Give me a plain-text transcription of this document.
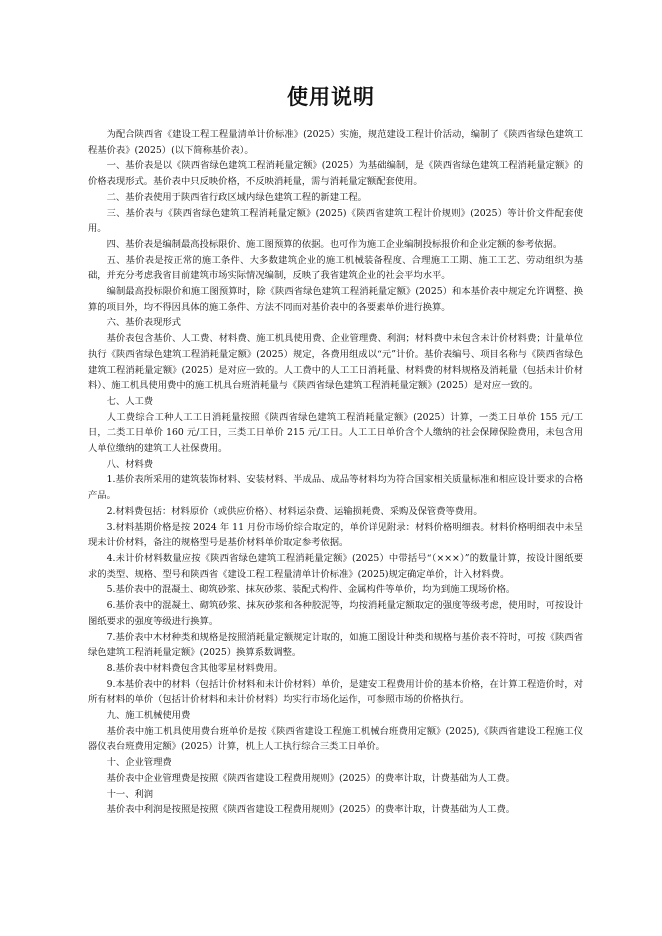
使用说明

为配合陕西省《建设工程工程量清单计价标准》(2025）实施，规范建设工程计价活动，编制了《陕西省绿色建筑工程基价表》(2025）(以下简称基价表）。

一、基价表是以《陕西省绿色建筑工程消耗量定额》(2025）为基础编制，是《陕西省绿色建筑工程消耗量定额》的价格表现形式。基价表中只反映价格，不反映消耗量，需与消耗量定额配套使用。

二、基价表使用于陕西省行政区域内绿色建筑工程的新建工程。

三、基价表与《陕西省绿色建筑工程消耗量定额》(2025)《陕西省建筑工程计价规则》(2025）等计价文件配套使用。

四、基价表是编制最高投标限价、施工图预算的依据。也可作为施工企业编制投标报价和企业定额的参考依据。

五、基价表是按正常的施工条件、大多数建筑企业的施工机械装备程度、合理施工工期、施工工艺、劳动组织为基础，并充分考虑我省目前建筑市场实际情况编制，反映了我省建筑企业的社会平均水平。

编制最高投标限价和施工图预算时，除《陕西省绿色建筑工程消耗量定额》(2025）和本基价表中规定允许调整、换算的项目外，均不得因具体的施工条件、方法不同而对基价表中的各要素单价进行换算。

六、基价表现形式

基价表包含基价、人工费、材料费、施工机具使用费、企业管理费、利润；材料费中未包含未计价材料费；计量单位执行《陕西省绿色建筑工程消耗量定额》(2025）规定，各费用组成以“元”计价。基价表编号、项目名称与《陕西省绿色建筑工程消耗量定额》(2025）是对应一致的。人工费中的人工工日消耗量、材料费的材料规格及消耗量（包括未计价材料）、施工机具使用费中的施工机具台班消耗量与《陕西省绿色建筑工程消耗量定额》(2025）是对应一致的。

七、人工费

人工费综合工种人工工日消耗量按照《陕西省绿色建筑工程消耗量定额》(2025）计算，一类工日单价 155 元/工日，二类工日单价 160 元/工日，三类工日单价 215 元/工日。人工工日单价含个人缴纳的社会保障保险费用，未包含用人单位缴纳的建筑工人社保费用。

八、材料费

1.基价表所采用的建筑装饰材料、安装材料、半成品、成品等材料均为符合国家相关质量标准和相应设计要求的合格产品。

2.材料费包括：材料原价（或供应价格）、材料运杂费、运输损耗费、采购及保管费等费用。

3.材料基期价格是按 2024 年 11 月份市场价综合取定的，单价详见附录：材料价格明细表。材料价格明细表中未呈现未计价材料，备注的规格型号是基价材料单价取定参考依据。

4.未计价材料数量应按《陕西省绿色建筑工程消耗量定额》(2025）中带括号“（×××）”的数量计算，按设计图纸要求的类型、规格、型号和陕西省《建设工程工程量清单计价标准》(2025)规定确定单价，计入材料费。

5.基价表中的混凝土、砌筑砂浆、抹灰砂浆、装配式构件、金属构件等单价，均为到施工现场价格。

6.基价表中的混凝土、砌筑砂浆、抹灰砂浆和各种胶泥等，均按消耗量定额取定的强度等级考虑，使用时，可按设计图纸要求的强度等级进行换算。

7.基价表中木材种类和规格是按照消耗量定额规定计取的，如施工图设计种类和规格与基价表不符时，可按《陕西省绿色建筑工程消耗量定额》(2025）换算系数调整。

8.基价表中材料费包含其他零星材料费用。

9.本基价表中的材料（包括计价材料和未计价材料）单价，是建安工程费用计价的基本价格，在计算工程造价时，对所有材料的单价（包括计价材料和未计价材料）均实行市场化运作，可参照市场的价格执行。

九、施工机械使用费

基价表中施工机具使用费台班单价是按《陕西省建设工程施工机械台班费用定额》(2025),《陕西省建设工程施工仪器仪表台班费用定额》(2025）计算，机上人工执行综合三类工日单价。

十、企业管理费

基价表中企业管理费是按照《陕西省建设工程费用规则》(2025）的费率计取，计费基础为人工费。

十一、利润

基价表中利润是按照是按照《陕西省建设工程费用规则》(2025）的费率计取，计费基础为人工费。
